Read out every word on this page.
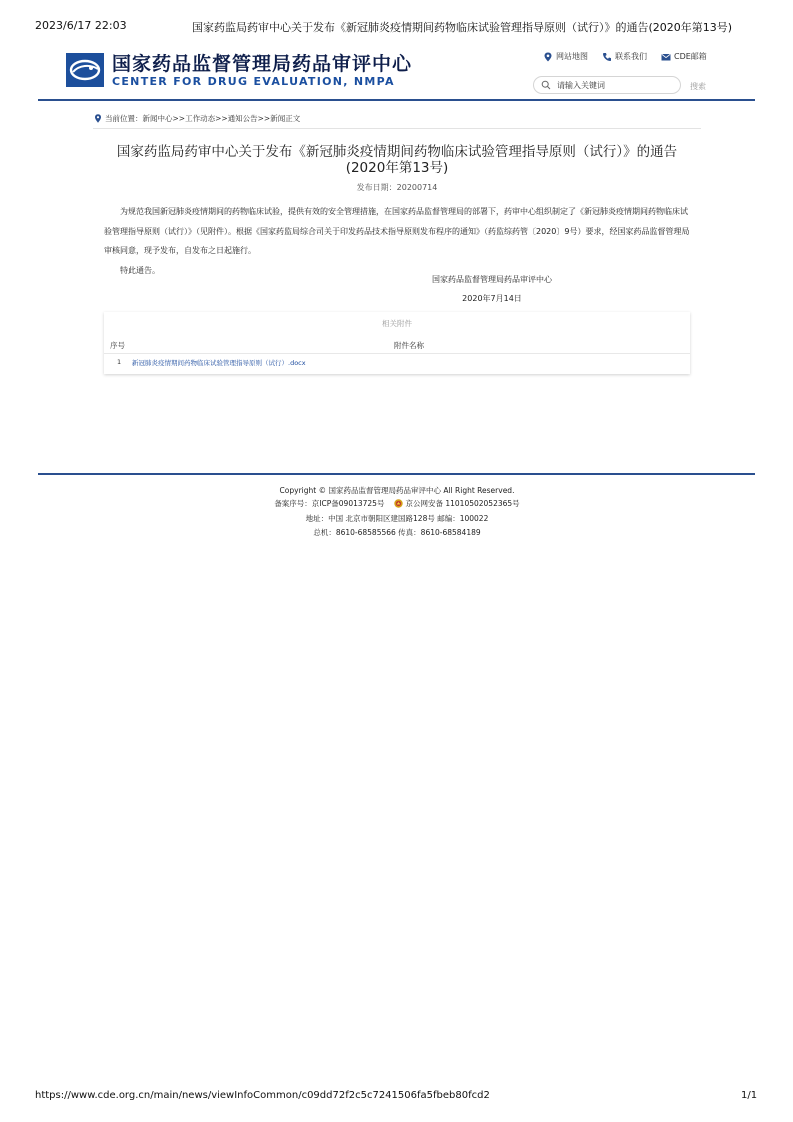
2023/6/17 22:03	国家药监局药审中心关于发布《新冠肺炎疫情期间药物临床试验管理指导原则（试行）》的通告(2020年第13号)
国家药品监督管理局药品审评中心
CENTER FOR DRUG EVALUATION, NMPA
网站地图	联系我们	CDE邮箱
请输入关键词
搜索
当前位置：新闻中心>>工作动态>>通知公告>>新闻正文
国家药监局药审中心关于发布《新冠肺炎疫情期间药物临床试验管理指导原则（试行）》的通告(2020年第13号)
发布日期：20200714

为规范我国新冠肺炎疫情期间的药物临床试验，提供有效的安全管理措施，在国家药品监督管理局的部署下，药审中心组织制定了《新冠肺炎疫情期间药物临床试验管理指导原则（试行）》（见附件）。根据《国家药监局综合司关于印发药品技术指导原则发布程序的通知》（药监综药管〔2020〕9号）要求，经国家药品监督管理局审核同意，现予发布，自发布之日起施行。

特此通告。

国家药品监督管理局药品审评中心
2020年7月14日
相关附件
序号	附件名称
1 新冠肺炎疫情期间药物临床试验管理指导原则（试行）.docx
Copyright © 国家药品监督管理局药品审评中心 All Right Reserved.
备案序号：京ICP备09013725号	京公网安备 11010502052365号
地址：中国 北京市朝阳区建国路128号 邮编：100022
总机：8610-68585566 传真：8610-68584189
https://www.cde.org.cn/main/news/viewInfoCommon/c09dd72f2c5c7241506fa5fbeb80fcd2	1/1
